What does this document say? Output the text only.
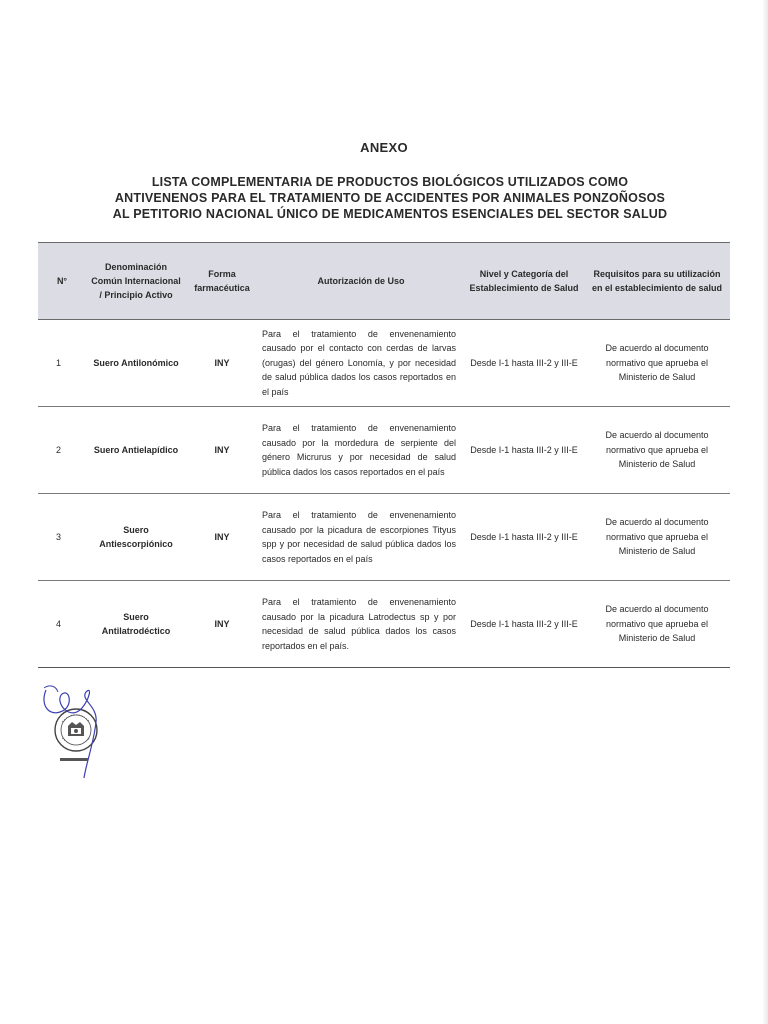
ANEXO
LISTA COMPLEMENTARIA DE PRODUCTOS BIOLÓGICOS UTILIZADOS COMO ANTIVENENOS PARA EL TRATAMIENTO DE ACCIDENTES POR ANIMALES PONZOÑOSOS AL PETITORIO NACIONAL ÚNICO DE MEDICAMENTOS ESENCIALES DEL SECTOR SALUD
N°	Denominación Común Internacional / Principio Activo	Forma farmacéutica	Autorización de Uso	Nivel y Categoría del Establecimiento de Salud	Requisitos para su utilización en el establecimiento de salud
1	Suero Antilonómico	INY	Para el tratamiento de envenenamiento causado por el contacto con cerdas de larvas (orugas) del género Lonomía, y por necesidad de salud pública dados los casos reportados en el país	Desde I-1 hasta III-2 y III-E	De acuerdo al documento normativo que aprueba el Ministerio de Salud
2	Suero Antielapídico	INY	Para el tratamiento de envenenamiento causado por la mordedura de serpiente del género Micrurus y por necesidad de salud pública dados los casos reportados en el país	Desde I-1 hasta III-2 y III-E	De acuerdo al documento normativo que aprueba el Ministerio de Salud
3	Suero Antiescorpiónico	INY	Para el tratamiento de envenenamiento causado por la picadura de escorpiones Tityus spp y por necesidad de salud pública dados los casos reportados en el país	Desde I-1 hasta III-2 y III-E	De acuerdo al documento normativo que aprueba el Ministerio de Salud
4	Suero Antilatrodéctico	INY	Para el tratamiento de envenenamiento causado por la picadura Latrodectus sp y por necesidad de salud pública dados los casos reportados en el país.	Desde I-1 hasta III-2 y III-E	De acuerdo al documento normativo que aprueba el Ministerio de Salud
